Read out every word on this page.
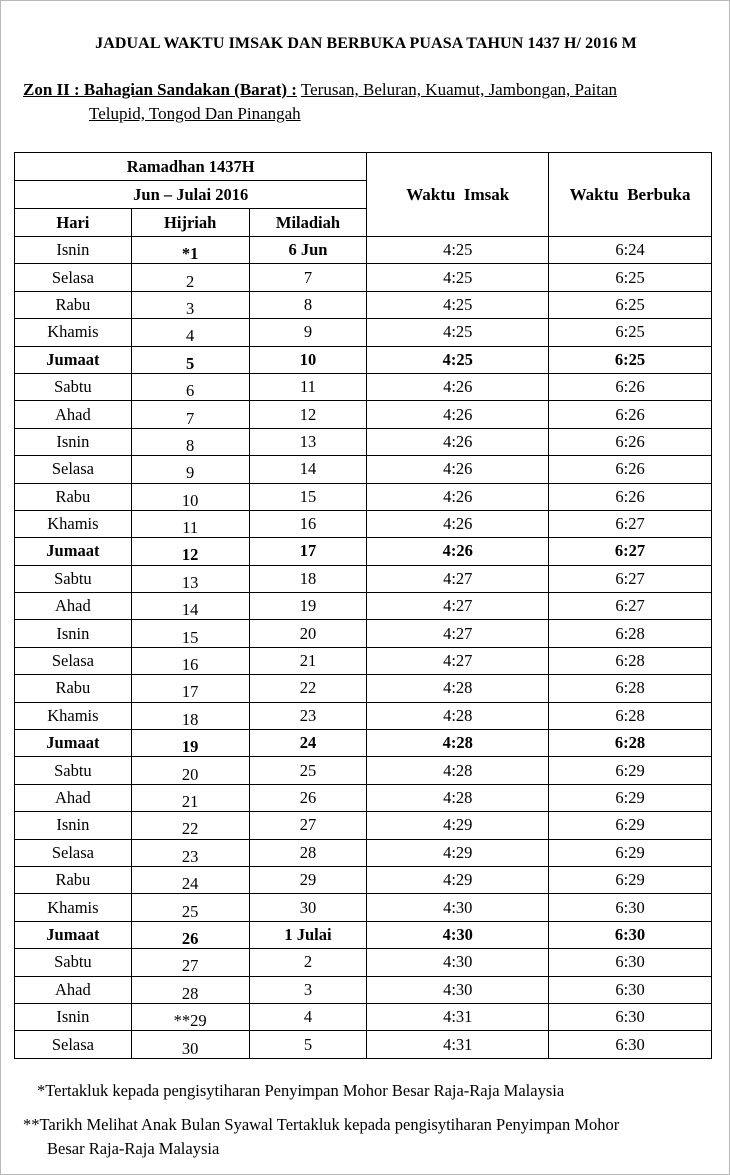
JADUAL WAKTU IMSAK DAN BERBUKA PUASA TAHUN 1437 H/ 2016 M
Zon II : Bahagian Sandakan (Barat) : Terusan, Beluran, Kuamut, Jambongan, Paitan
Telupid, Tongod Dan Pinangah
Ramadhan 1437H			Waktu  Imsak	Waktu  Berbuka
Jun – Julai 2016				
Hari	Hijriah	Miladiah		
Isnin	*1	6 Jun	4:25	6:24
Selasa	2	7	4:25	6:25
Rabu	3	8	4:25	6:25
Khamis	4	9	4:25	6:25
Jumaat	5	10	4:25	6:25
Sabtu	6	11	4:26	6:26
Ahad	7	12	4:26	6:26
Isnin	8	13	4:26	6:26
Selasa	9	14	4:26	6:26
Rabu	10	15	4:26	6:26
Khamis	11	16	4:26	6:27
Jumaat	12	17	4:26	6:27
Sabtu	13	18	4:27	6:27
Ahad	14	19	4:27	6:27
Isnin	15	20	4:27	6:28
Selasa	16	21	4:27	6:28
Rabu	17	22	4:28	6:28
Khamis	18	23	4:28	6:28
Jumaat	19	24	4:28	6:28
Sabtu	20	25	4:28	6:29
Ahad	21	26	4:28	6:29
Isnin	22	27	4:29	6:29
Selasa	23	28	4:29	6:29
Rabu	24	29	4:29	6:29
Khamis	25	30	4:30	6:30
Jumaat	26	1 Julai	4:30	6:30
Sabtu	27	2	4:30	6:30
Ahad	28	3	4:30	6:30
Isnin	**29	4	4:31	6:30
Selasa	30	5	4:31	6:30
*Tertakluk kepada pengisytiharan Penyimpan Mohor Besar Raja-Raja Malaysia
**Tarikh Melihat Anak Bulan Syawal Tertakluk kepada pengisytiharan Penyimpan Mohor
Besar Raja-Raja Malaysia
